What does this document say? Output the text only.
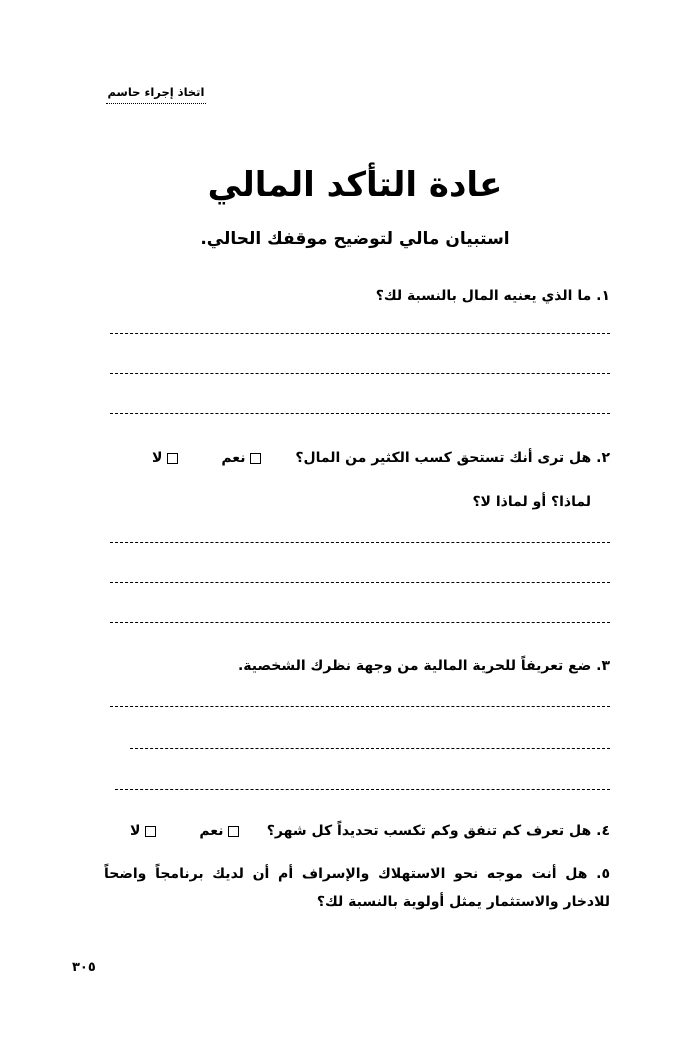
اتخاذ إجراء حاسم
عادة التأكد المالي
استبيان مالي لتوضيح موقفك الحالي.
١. ما الذي يعنيه المال بالنسبة لك؟
٢. هل ترى أنك تستحق كسب الكثير من المال؟
نعم

لا
لماذا؟ أو لماذا لا؟
٣. ضع تعريفاً للحرية المالية من وجهة نظرك الشخصية.
٤. هل تعرف كم تنفق وكم تكسب تحديداً كل شهر؟
نعم

لا
٥. هل أنت موجه نحو الاستهلاك والإسراف أم أن لديك برنامجاً واضحاً للادخار والاستثمار يمثل أولوية بالنسبة لك؟
٣٠٥
